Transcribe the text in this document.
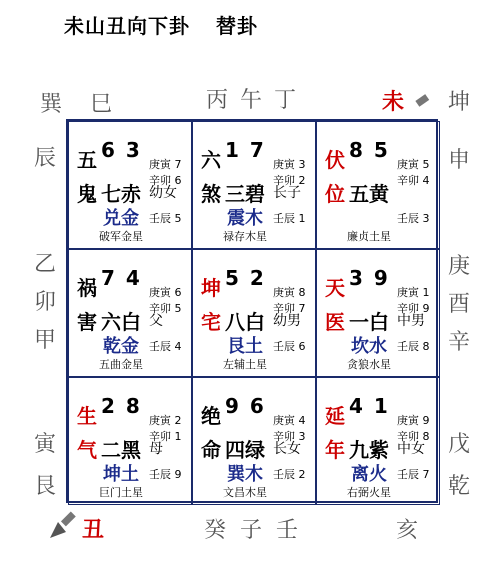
未山丑向下卦 替卦
巽 巳	丙 午 丁	未 坤
辰
乙
卯
甲
寅
艮
申
庚
酉
辛
戊
乾
丑	癸 子 壬	亥
五 6 3
鬼 七赤
兑金
幼女
庚寅 7
辛卯 6
壬辰 5
破军金星
六 1 7
煞 三碧
震木
长子
庚寅 3
辛卯 2
壬辰 1
禄存木星
伏 8 5
位 五黄
庚寅 5
辛卯 4
壬辰 3
廉贞土星
祸 7 4
害 六白
乾金
父
庚寅 6
辛卯 5
壬辰 4
五曲金星
坤 5 2
宅 八白
艮土
幼男
庚寅 8
辛卯 7
壬辰 6
左辅土星
天 3 9
医 一白
坎水
中男
庚寅 1
辛卯 9
壬辰 8
贪狼水星
生 2 8
气 二黑
坤土
母
庚寅 2
辛卯 1
壬辰 9
巨门土星
绝 9 6
命 四绿
巽木
长女
庚寅 4
辛卯 3
壬辰 2
文昌木星
延 4 1
年 九紫
离火
中女
庚寅 9
辛卯 8
壬辰 7
右弼火星
